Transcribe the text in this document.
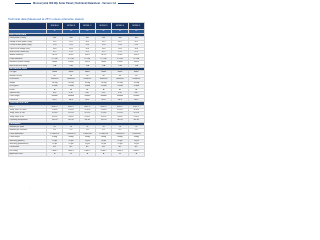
Monocrystal 300 Wp Solar Panel | Technical Datasheet - Version 1.2
Technical data (Measured at 25°C unless otherwise stated)
	MODEL A	MODEL B	MODEL C	MODEL D	MODEL E	MODEL F
	1P	1P	1P	3P	3P	3P
ELECTRICAL DATA						
Rated power (Pmax)	300	300	300	300	300	300
Voltage at max power (Vmp)	32.5	32.5	32.5	32.5	32.5	32.5
Current at max power (Imp)	9.24	9.24	9.24	9.24	9.24	9.24
Open circuit voltage (Voc)	39.8	39.8	39.8	39.8	39.8	39.8
Short circuit current (Isc)	9.72	9.72	9.72	9.72	9.72	9.72
Module efficiency	18.4%	18.4%	18.4%	18.4%	18.4%	18.4%
Power tolerance	0~+5W	0~+5W	0~+5W	0~+5W	0~+5W	0~+5W
Maximum system voltage	1000V	1000V	1000V	1000V	1000V	1000V
Max series fuse rating	15A	15A	15A	15A	15A	15A
MECHANICAL DATA						
Cell type	Mono	Mono	Mono	Mono	Mono	Mono
Number of cells	60	60	60	60	60	60
Dimensions	1640x992	1640x992	1640x992	1640x992	1640x992	1640x992
Weight	18.2kg	18.2kg	18.2kg	18.2kg	18.2kg	18.2kg
Front glass	3.2mm	3.2mm	3.2mm	3.2mm	3.2mm	3.2mm
Frame	Al	Al	Al	Al	Al	Al
Junction box	IP67	IP67	IP67	IP67	IP67	IP67
Cable length	900mm	900mm	900mm	900mm	900mm	900mm
Connector	MC4	MC4	MC4	MC4	MC4	MC4
TEMPERATURE DATA						
NOCT	45±2°C	45±2°C	45±2°C	45±2°C	45±2°C	45±2°C
Temp. coeff. of Pmax	-0.39%	-0.39%	-0.39%	-0.39%	-0.39%	-0.39%
Temp. coeff. of Voc	-0.29%	-0.29%	-0.29%	-0.29%	-0.29%	-0.29%
Temp. coeff. of Isc	0.05%	0.05%	0.05%	0.05%	0.05%	0.05%
Operating temperature	-40~85	-40~85	-40~85	-40~85	-40~85	-40~85
PACKAGING						
Modules per pallet	26	26	26	26	26	26
Modules per container	572	572	572	572	572	572
Pallet dimensions	1700x1120	1700x1120	1700x1120	1700x1120	1700x1120	1700x1120
Pallet weight	498kg	498kg	498kg	498kg	498kg	498kg
Warranty (product)	10 yrs	10 yrs	10 yrs	10 yrs	10 yrs	10 yrs
Warranty (performance)	25 yrs	25 yrs	25 yrs	25 yrs	25 yrs	25 yrs
Certification	IEC	IEC	IEC	IEC	IEC	IEC
Fire rating	Class C	Class C	Class C	Class C	Class C	Class C
Application class	A	A	A	A	A	A
Specifications subject to change without notice.
